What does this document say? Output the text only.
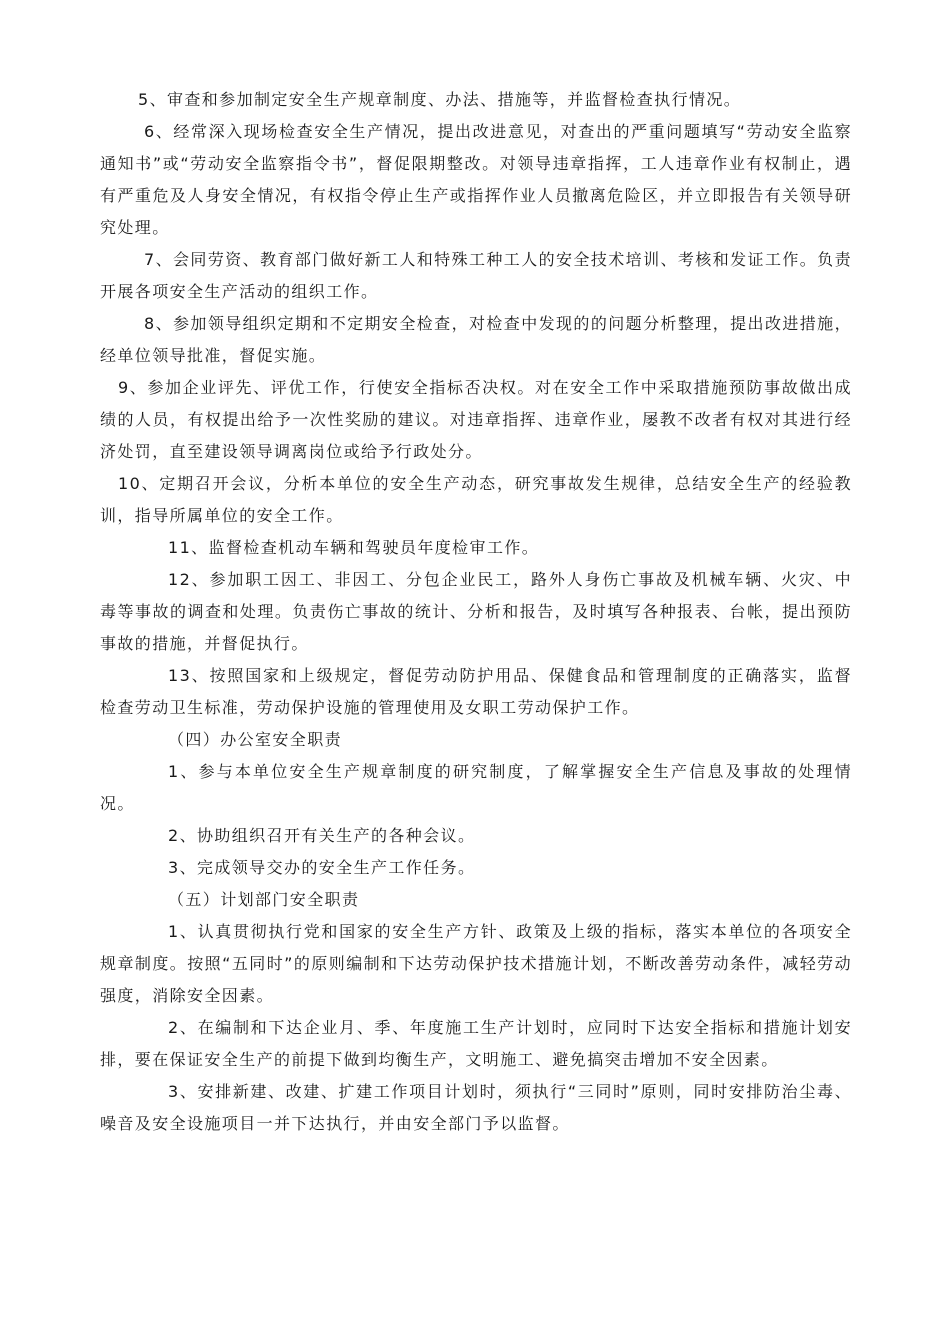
5、审查和参加制定安全生产规章制度、办法、措施等，并监督检查执行情况。

6、经常深入现场检查安全生产情况，提出改进意见，对查出的严重问题填写“劳动安全监察通知书”或“劳动安全监察指令书”，督促限期整改。对领导违章指挥，工人违章作业有权制止，遇有严重危及人身安全情况，有权指令停止生产或指挥作业人员撤离危险区，并立即报告有关领导研究处理。

7、会同劳资、教育部门做好新工人和特殊工种工人的安全技术培训、考核和发证工作。负责开展各项安全生产活动的组织工作。

8、参加领导组织定期和不定期安全检查，对检查中发现的的问题分析整理，提出改进措施，经单位领导批准，督促实施。

9、参加企业评先、评优工作，行使安全指标否决权。对在安全工作中采取措施预防事故做出成绩的人员，有权提出给予一次性奖励的建议。对违章指挥、违章作业，屡教不改者有权对其进行经济处罚，直至建设领导调离岗位或给予行政处分。

10、定期召开会议，分析本单位的安全生产动态，研究事故发生规律，总结安全生产的经验教训，指导所属单位的安全工作。

11、监督检查机动车辆和驾驶员年度检审工作。

12、参加职工因工、非因工、分包企业民工，路外人身伤亡事故及机械车辆、火灾、中毒等事故的调查和处理。负责伤亡事故的统计、分析和报告，及时填写各种报表、台帐，提出预防事故的措施，并督促执行。

13、按照国家和上级规定，督促劳动防护用品、保健食品和管理制度的正确落实，监督检查劳动卫生标准，劳动保护设施的管理使用及女职工劳动保护工作。

（四）办公室安全职责

1、参与本单位安全生产规章制度的研究制度，了解掌握安全生产信息及事故的处理情况。

2、协助组织召开有关生产的各种会议。

3、完成领导交办的安全生产工作任务。

（五）计划部门安全职责

1、认真贯彻执行党和国家的安全生产方针、政策及上级的指标，落实本单位的各项安全规章制度。按照“五同时”的原则编制和下达劳动保护技术措施计划，不断改善劳动条件，减轻劳动强度，消除安全因素。

2、在编制和下达企业月、季、年度施工生产计划时，应同时下达安全指标和措施计划安排，要在保证安全生产的前提下做到均衡生产，文明施工、避免搞突击增加不安全因素。

3、安排新建、改建、扩建工作项目计划时，须执行“三同时”原则，同时安排防治尘毒、噪音及安全设施项目一并下达执行，并由安全部门予以监督。
